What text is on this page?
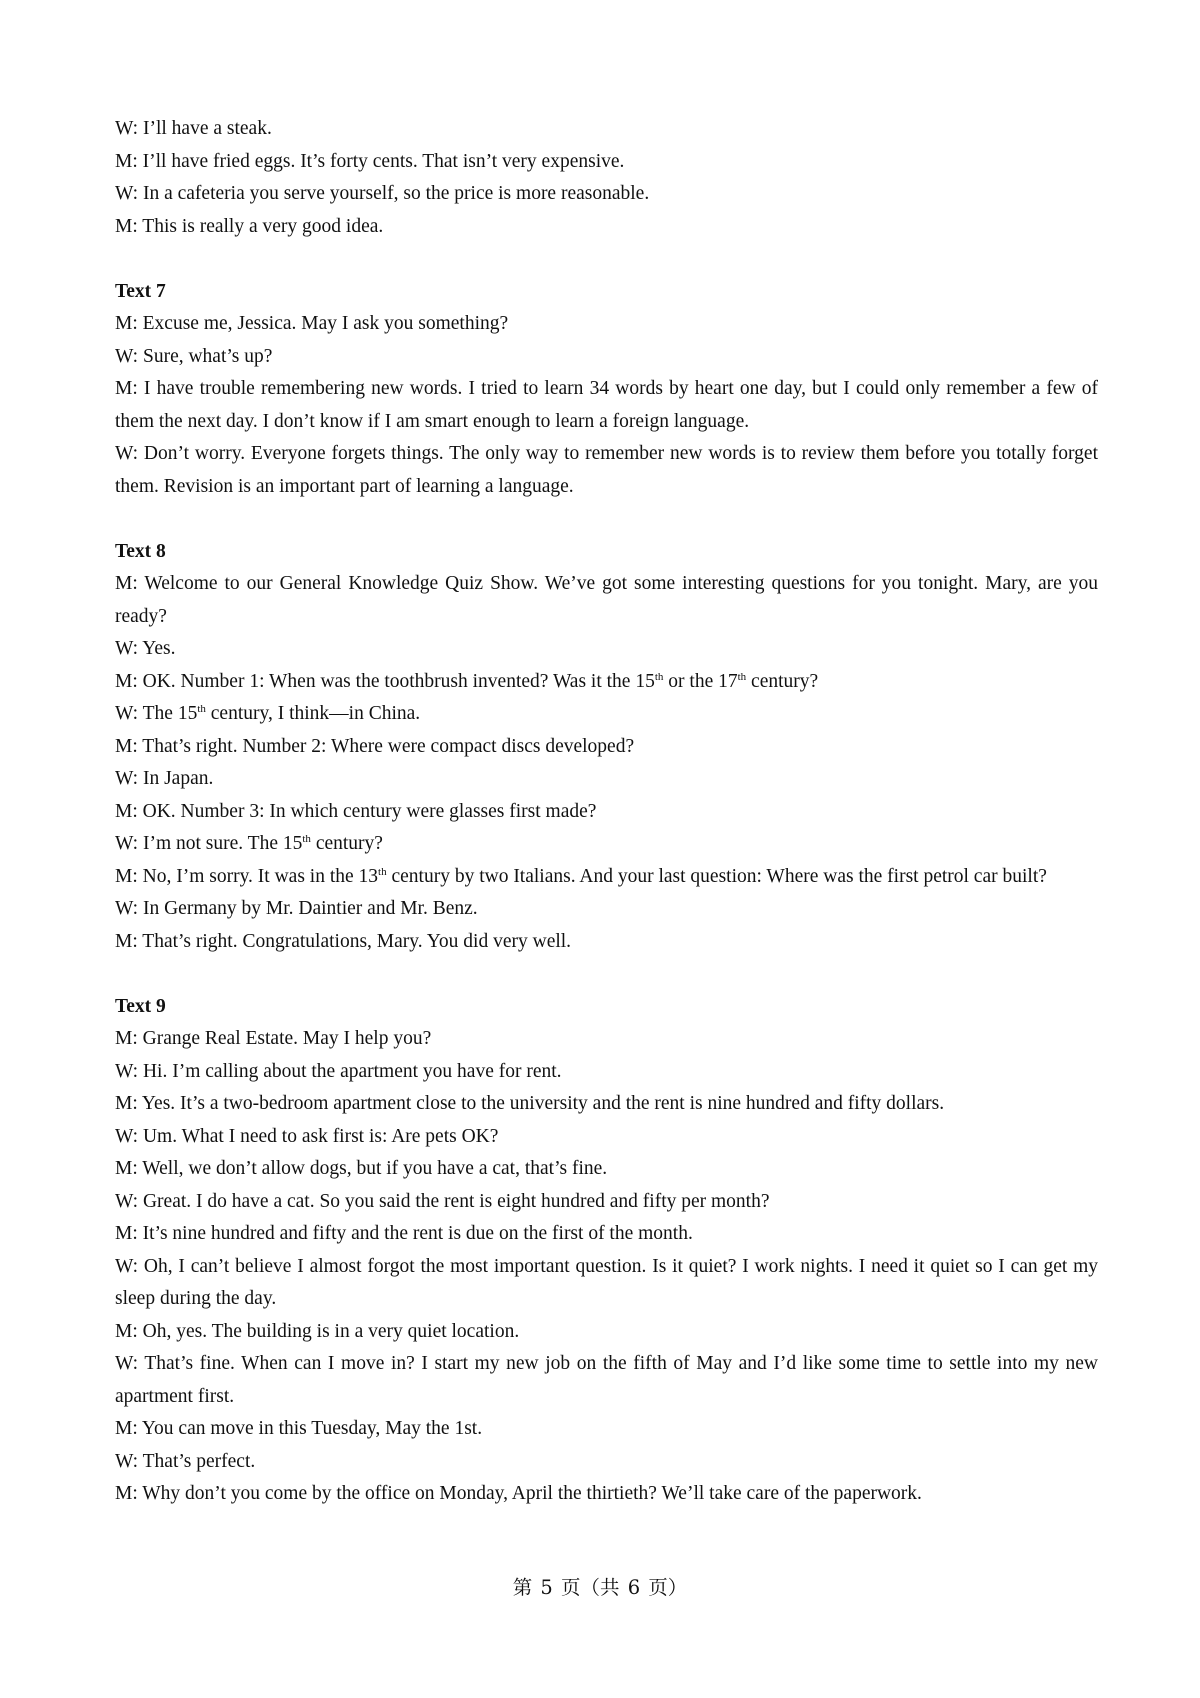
W: I’ll have a steak.

M: I’ll have fried eggs. It’s forty cents. That isn’t very expensive.

W: In a cafeteria you serve yourself, so the price is more reasonable.

M: This is really a very good idea.

Text 7

M: Excuse me, Jessica. May I ask you something?

W: Sure, what’s up?

M: I have trouble remembering new words. I tried to learn 34 words by heart one day, but I could only remember a few of them the next day. I don’t know if I am smart enough to learn a foreign language.

W: Don’t worry. Everyone forgets things. The only way to remember new words is to review them before you totally forget them. Revision is an important part of learning a language.

Text 8

M: Welcome to our General Knowledge Quiz Show. We’ve got some interesting questions for you tonight. Mary, are you ready?

W: Yes.

M: OK. Number 1: When was the toothbrush invented? Was it the 15th or the 17th century?

W: The 15th century, I think—in China.

M: That’s right. Number 2: Where were compact discs developed?

W: In Japan.

M: OK. Number 3: In which century were glasses first made?

W: I’m not sure. The 15th century?

M: No, I’m sorry. It was in the 13th century by two Italians. And your last question: Where was the first petrol car built?

W: In Germany by Mr. Daintier and Mr. Benz.

M: That’s right. Congratulations, Mary. You did very well.

Text 9

M: Grange Real Estate. May I help you?

W: Hi. I’m calling about the apartment you have for rent.

M: Yes. It’s a two-bedroom apartment close to the university and the rent is nine hundred and fifty dollars.

W: Um. What I need to ask first is: Are pets OK?

M: Well, we don’t allow dogs, but if you have a cat, that’s fine.

W: Great. I do have a cat. So you said the rent is eight hundred and fifty per month?

M: It’s nine hundred and fifty and the rent is due on the first of the month.

W: Oh, I can’t believe I almost forgot the most important question. Is it quiet? I work nights. I need it quiet so I can get my sleep during the day.

M: Oh, yes. The building is in a very quiet location.

W: That’s fine. When can I move in? I start my new job on the fifth of May and I’d like some time to settle into my new apartment first.

M: You can move in this Tuesday, May the 1st.

W: That’s perfect.

M: Why don’t you come by the office on Monday, April the thirtieth? We’ll take care of the paperwork.

第 5 页（共 6 页）
